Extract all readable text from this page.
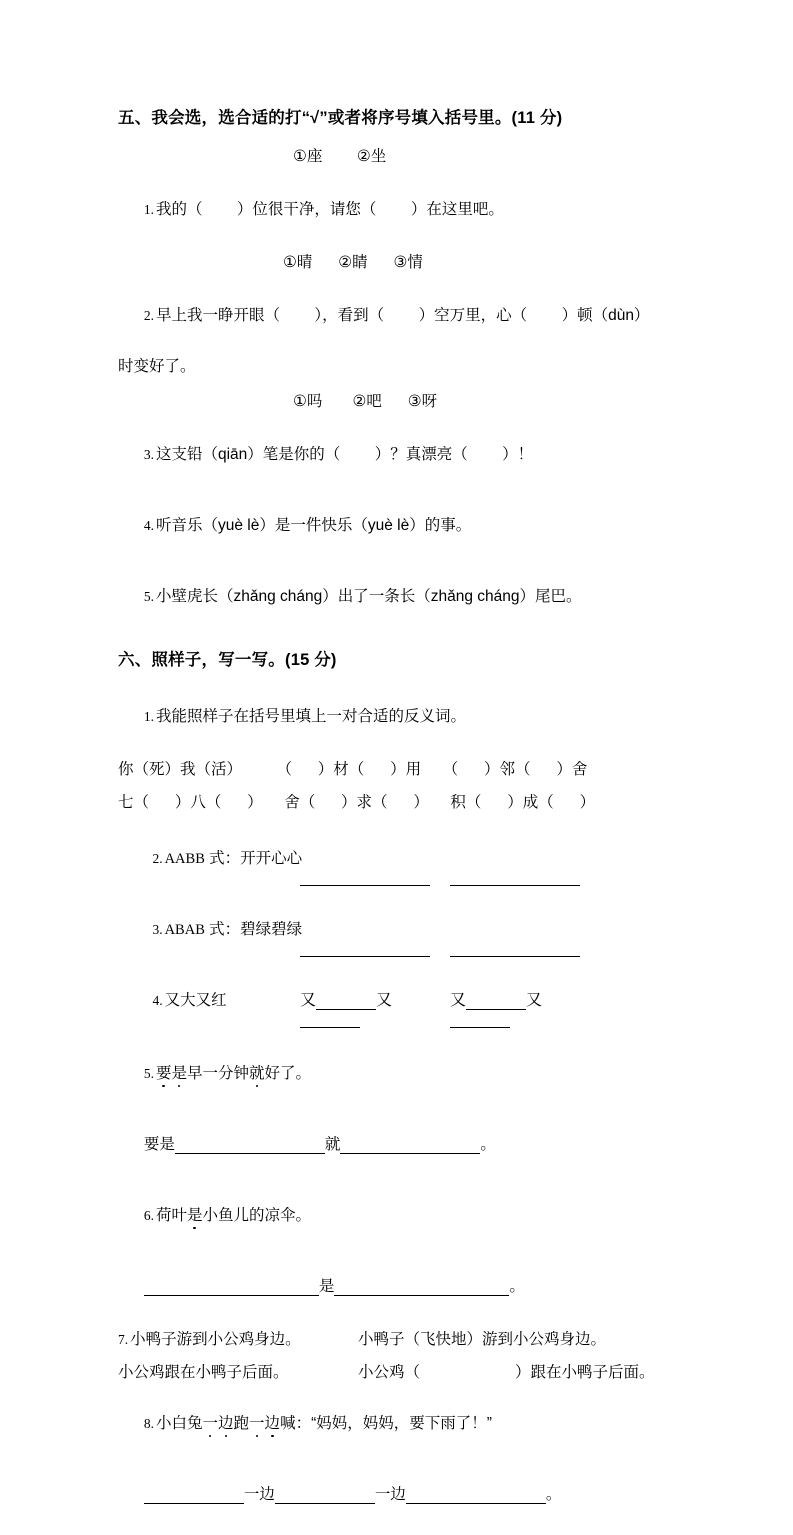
五、我会选，选合适的打“√”或者将序号填入括号里。(11 分)
①座        ②坐

1. 我的（        ）位很干净，请您（        ）在这里吧。

①晴      ②睛      ③情

2. 早上我一睁开眼（        ），看到（        ）空万里，心（        ）顿（dùn）

时变好了。
①吗       ②吧      ③呀

3. 这支铅（qiān）笔是你的（        ）？真漂亮（        ）！

4. 听音乐（yuè lè）是一件快乐（yuè lè）的事。

5. 小壁虎长（zhǎng cháng）出了一条长（zhǎng cháng）尾巴。

六、照样子，写一写。(15 分)

1. 我能照样子在括号里填上一对合适的反义词。

你（死）我（活）        （      ）材（      ）用     （      ）邻（      ）舍
七（      ）八（      ）     舍（      ）求（      ）     积（      ）成（      ）

2. AABB 式：开开心心

3. ABAB 式：碧绿碧绿

4. 又大又红
	又	又	又	又

5. 要是早一分钟就好了。

要是	就	。

6. 荷叶是小鱼儿的凉伞。

是	。

7. 小鸭子游到小公鸡身边。	小鸭子（飞快地）游到小公鸡身边。
小公鸡跟在小鸭子后面。	小公鸡（	）跟在小鸭子后面。

8. 小白兔一边跑一边喊：“妈妈，妈妈，要下雨了！”

一边	一边	。
